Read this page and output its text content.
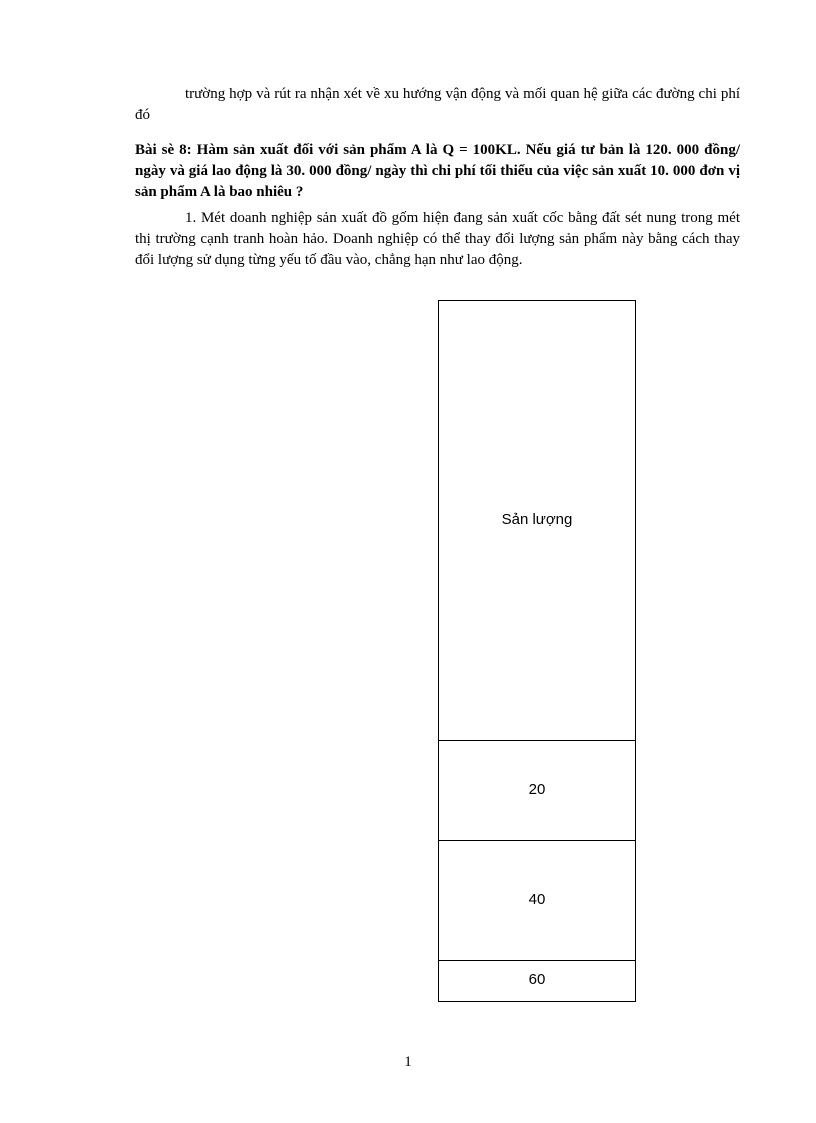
trường hợp và rút ra nhận xét về xu hướng vận động và mối quan hệ giữa các đường chi phí đó

Bài sè 8: Hàm sản xuất đối với sản phẩm A là Q = 100KL. Nếu giá tư bản là 120. 000 đồng/ ngày và giá lao động là 30. 000 đồng/ ngày thì chi phí tối thiểu của việc sản xuất 10. 000 đơn vị sản phẩm A là bao nhiêu ?

1. Mét doanh nghiệp sản xuất đồ gốm hiện đang sản xuất cốc bằng đất sét nung trong mét thị trường cạnh tranh hoàn hảo. Doanh nghiệp có thể thay đổi lượng sản phẩm này bằng cách thay đổi lượng sử dụng từng yếu tố đầu vào, chẳng hạn như lao động.

Sản lượng
20
40
60
1
